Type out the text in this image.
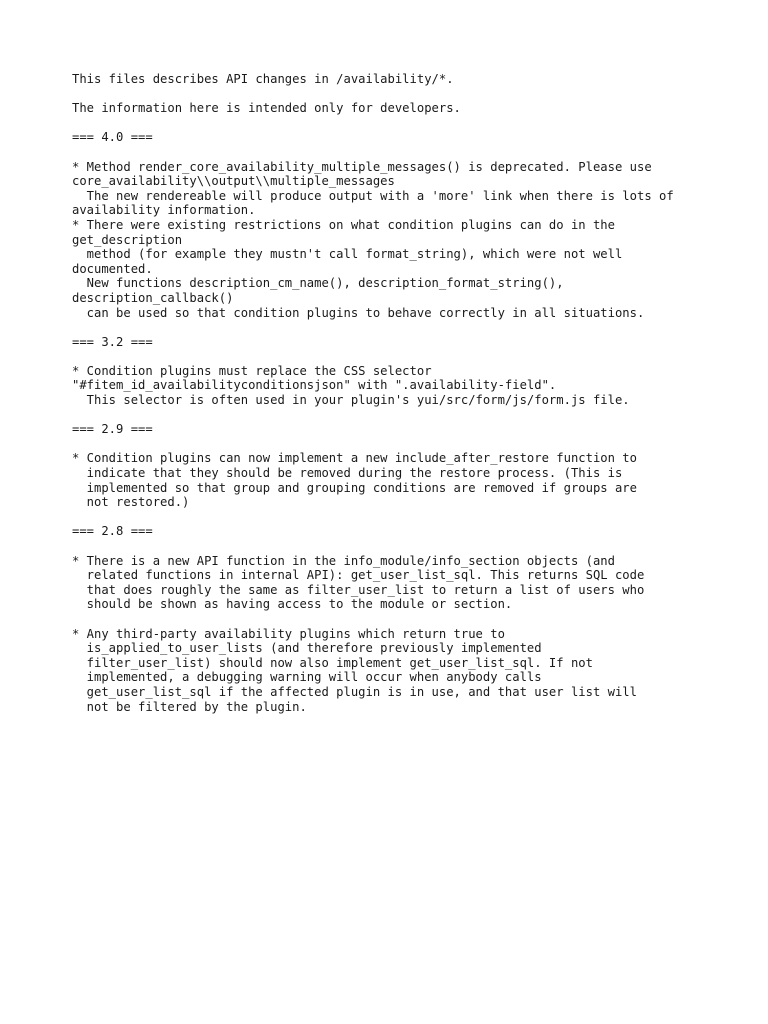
This files describes API changes in /availability/*.
The information here is intended only for developers.
=== 4.0 ===
* Method render_core_availability_multiple_messages() is deprecated. Please use
core_availability\\output\\multiple_messages
The new rendereable will produce output with a 'more' link when there is lots of
availability information.
* There were existing restrictions on what condition plugins can do in the
get_description
method (for example they mustn't call format_string), which were not well
documented.
New functions description_cm_name(), description_format_string(),
description_callback()
can be used so that condition plugins to behave correctly in all situations.
=== 3.2 ===
* Condition plugins must replace the CSS selector
"#fitem_id_availabilityconditionsjson" with ".availability-field".
This selector is often used in your plugin's yui/src/form/js/form.js file.
=== 2.9 ===
* Condition plugins can now implement a new include_after_restore function to
indicate that they should be removed during the restore process. (This is
implemented so that group and grouping conditions are removed if groups are
not restored.)
=== 2.8 ===
* There is a new API function in the info_module/info_section objects (and
related functions in internal API): get_user_list_sql. This returns SQL code
that does roughly the same as filter_user_list to return a list of users who
should be shown as having access to the module or section.
* Any third-party availability plugins which return true to
is_applied_to_user_lists (and therefore previously implemented
filter_user_list) should now also implement get_user_list_sql. If not
implemented, a debugging warning will occur when anybody calls
get_user_list_sql if the affected plugin is in use, and that user list will
not be filtered by the plugin.
